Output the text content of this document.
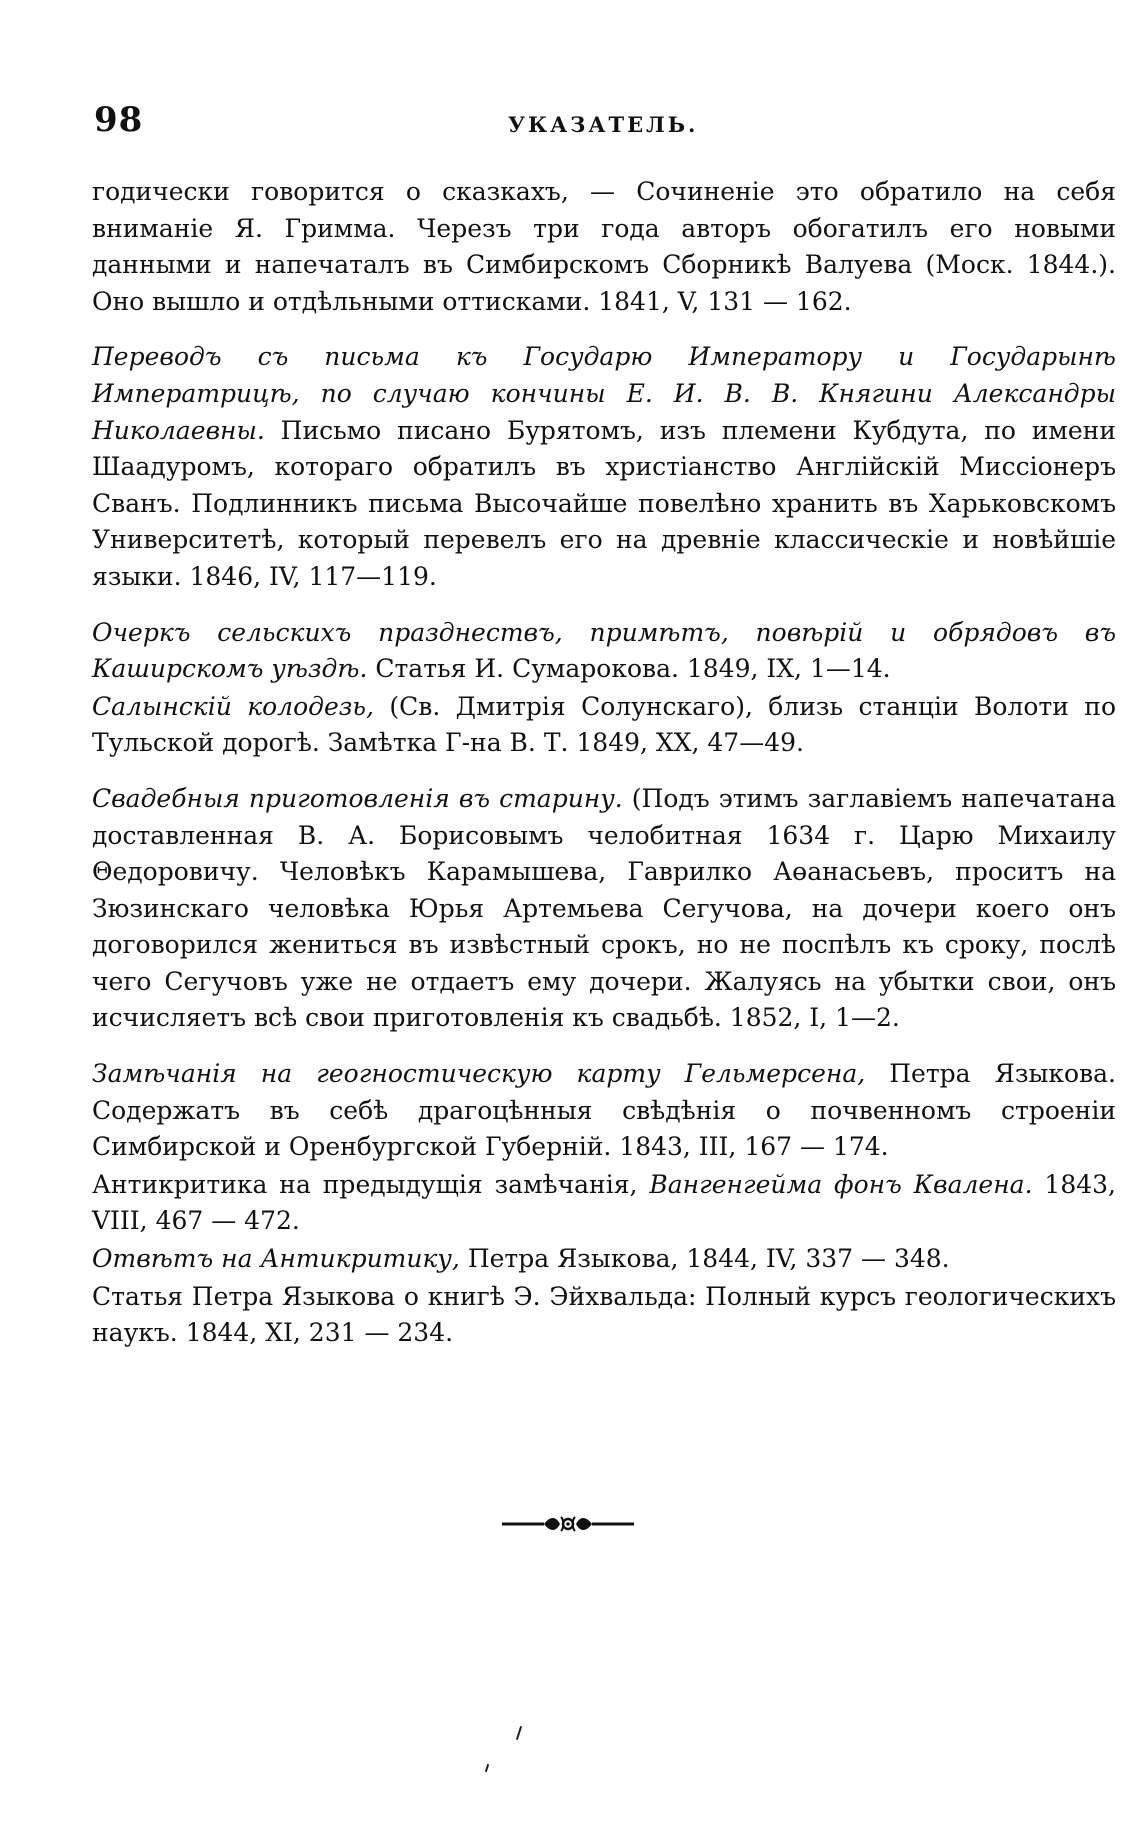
98	УКАЗАТЕЛЬ.

годически говорится о сказкахъ, — Сочиненіе это обратило на себя вниманіе Я. Гримма. Черезъ три года авторъ обогатилъ его новыми данными и напечаталъ въ Симбирскомъ Сборникѣ Валуева (Моск. 1844.). Оно вышло и отдѣльными оттисками. 1841, V, 131 — 162.

Переводъ съ письма къ Государю Императору и Государынѣ Императрицѣ, по случаю кончины Е. И. В. В. Княгини Александры Николаевны. Письмо писано Бурятомъ, изъ племени Кубдута, по имени Шаадуромъ, котораго обратилъ въ христіанство Англійскій Миссіонеръ Сванъ. Подлинникъ письма Высочайше повелѣно хранить въ Харьковскомъ Университетѣ, который перевелъ его на древніе классическіе и новѣйшіе языки. 1846, IV, 117—119.

Очеркъ сельскихъ празднествъ, примѣтъ, повѣрій и обрядовъ въ Каширскомъ уѣздѣ. Статья И. Сумарокова. 1849, IX, 1—14.

Салынскій колодезь, (Св. Дмитрія Солунскаго), близь станціи Волоти по Тульской дорогѣ. Замѣтка Г-на В. Т. 1849, XX, 47—49.

Свадебныя приготовленія въ старину. (Подъ этимъ заглавіемъ напечатана доставленная В. А. Борисовымъ челобитная 1634 г. Царю Михаилу Θедоровичу. Человѣкъ Карамышева, Гаврилко Аөанасьевъ, проситъ на Зюзинскаго человѣка Юрья Артемьева Сегучова, на дочери коего онъ договорился жениться въ извѣстный срокъ, но не поспѣлъ къ сроку, послѣ чего Сегучовъ уже не отдаетъ ему дочери. Жалуясь на убытки свои, онъ исчисляетъ всѣ свои приготовленія къ свадьбѣ. 1852, I, 1—2.

Замѣчанія на геогностическую карту Гельмерсена, Петра Языкова. Содержатъ въ себѣ драгоцѣнныя свѣдѣнія о почвенномъ строеніи Симбирской и Оренбургской Губерній. 1843, III, 167 — 174.

Антикритика на предыдущія замѣчанія, Вангенгейма фонъ Квалена. 1843, VIII, 467 — 472.

Отвѣтъ на Антикритику, Петра Языкова, 1844, IV, 337 — 348.

Статья Петра Языкова о книгѣ Э. Эйхвальда: Полный курсъ геологическихъ наукъ. 1844, XI, 231 — 234.
